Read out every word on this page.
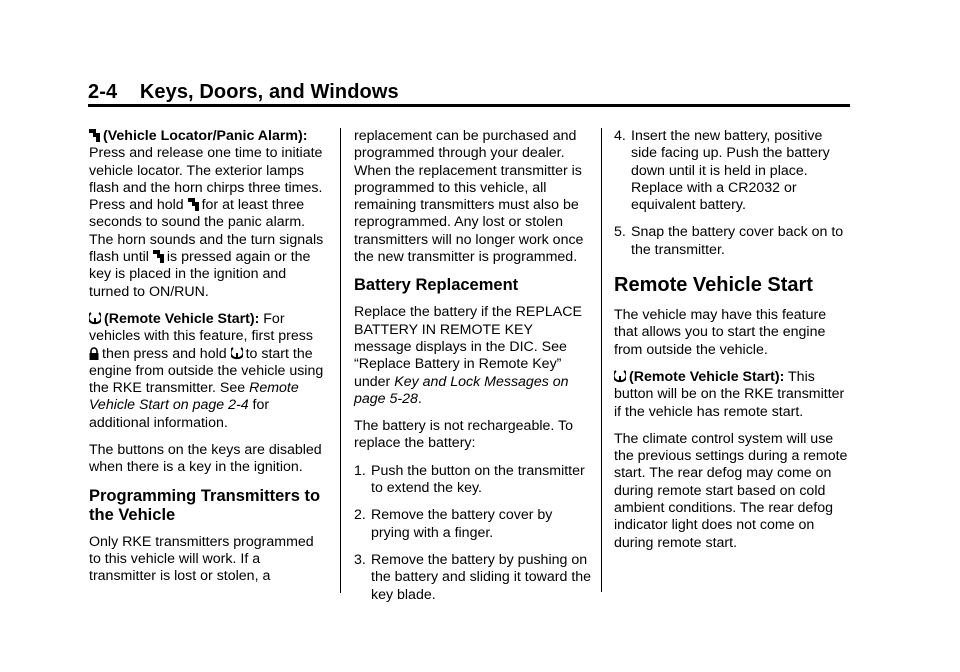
2-4    Keys, Doors, and Windows

(Vehicle Locator/Panic Alarm): Press and release one time to initiate vehicle locator. The exterior lamps flash and the horn chirps three times. Press and hold
for at least three seconds to sound the panic alarm. The horn sounds and the turn signals flash until
is pressed again or the key is placed in the ignition and turned to ON/RUN.

(Remote Vehicle Start): For vehicles with this feature, first press
then press and hold
to start the engine from outside the vehicle using the RKE transmitter. See Remote Vehicle Start on page 2-4 for additional information.

The buttons on the keys are disabled when there is a key in the ignition.

Programming Transmitters to the Vehicle

Only RKE transmitters programmed to this vehicle will work. If a transmitter is lost or stolen, a

replacement can be purchased and programmed through your dealer. When the replacement transmitter is programmed to this vehicle, all remaining transmitters must also be reprogrammed. Any lost or stolen transmitters will no longer work once the new transmitter is programmed.

Battery Replacement

Replace the battery if the REPLACE BATTERY IN REMOTE KEY message displays in the DIC. See “Replace Battery in Remote Key” under Key and Lock Messages on page 5-28.

The battery is not rechargeable. To replace the battery:

1. Push the button on the transmitter to extend the key.
2. Remove the battery cover by prying with a finger.
3. Remove the battery by pushing on the battery and sliding it toward the key blade.
4. Insert the new battery, positive side facing up. Push the battery down until it is held in place. Replace with a CR2032 or equivalent battery.
5. Snap the battery cover back on to the transmitter.
Remote Vehicle Start

The vehicle may have this feature that allows you to start the engine from outside the vehicle.

(Remote Vehicle Start): This button will be on the RKE transmitter if the vehicle has remote start.

The climate control system will use the previous settings during a remote start. The rear defog may come on during remote start based on cold ambient conditions. The rear defog indicator light does not come on during remote start.
